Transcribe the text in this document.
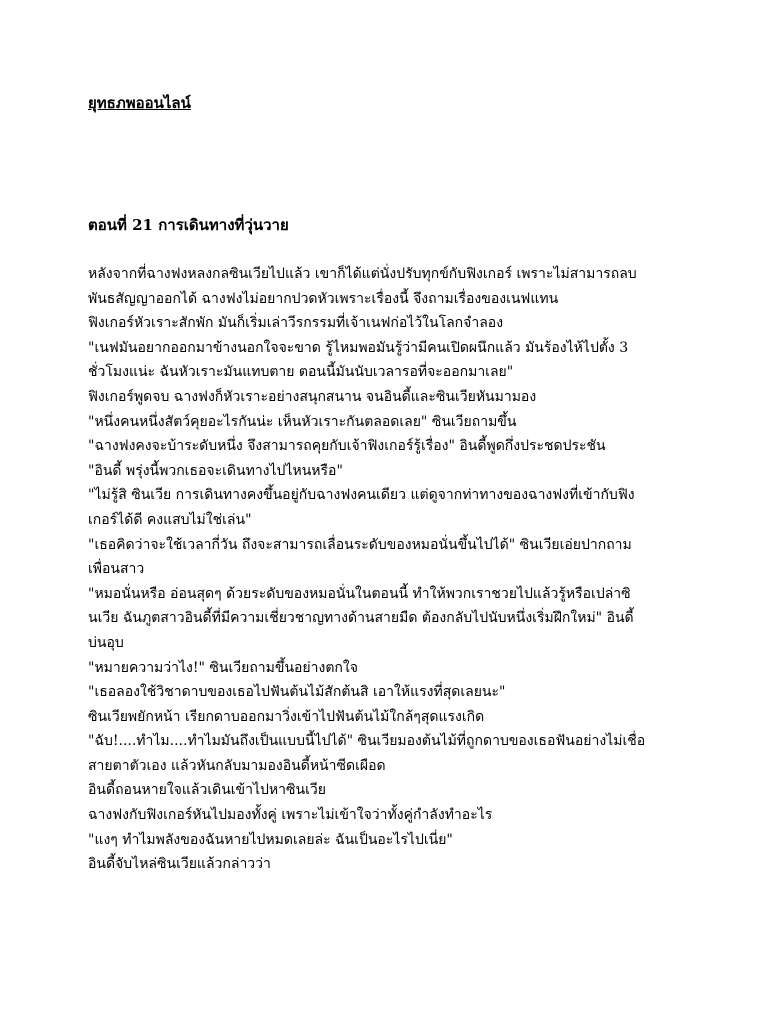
ยุทธภพออนไลน์
ตอนที่ 21 การเดินทางที่วุ่นวาย
หลังจากที่ฉางฟงหลงกลซินเวียไปแล้ว เขาก็ได้แต่นั่งปรับทุกข์กับฟิงเกอร์ เพราะไม่สามารถลบ
พันธสัญญาออกได้ ฉางฟงไม่อยากปวดหัวเพราะเรื่องนี้ จึงถามเรื่องของเนฟแทน
ฟิงเกอร์หัวเราะสักพัก มันก็เริ่มเล่าวีรกรรมที่เจ้าเนฟก่อไว้ในโลกจำลอง
"เนฟมันอยากออกมาข้างนอกใจจะขาด รู้ไหมพอมันรู้ว่ามีคนเปิดผนึกแล้ว มันร้องไห้ไปตั้ง 3
ชั่วโมงแน่ะ ฉันหัวเราะมันแทบตาย ตอนนี้มันนับเวลารอที่จะออกมาเลย"
ฟิงเกอร์พูดจบ ฉางฟงก็หัวเราะอย่างสนุกสนาน จนอินดี้และซินเวียหันมามอง
"หนึ่งคนหนึ่งสัตว์คุยอะไรกันน่ะ เห็นหัวเราะกันตลอดเลย" ซินเวียถามขึ้น
"ฉางฟงคงจะบ้าระดับหนึ่ง จึงสามารถคุยกับเจ้าฟิงเกอร์รู้เรื่อง" อินดี้พูดกึ่งประชดประชัน
"อินดี้ พรุ่งนี้พวกเธอจะเดินทางไปไหนหรือ"
"ไม่รู้สิ ซินเวีย การเดินทางคงขึ้นอยู่กับฉางฟงคนเดียว แต่ดูจากท่าทางของฉางฟงที่เข้ากับฟิง
เกอร์ได้ดี คงแสบไม่ใช่เล่น"
"เธอคิดว่าจะใช้เวลากี่วัน ถึงจะสามารถเลื่อนระดับของหมอนั่นขึ้นไปได้" ซินเวียเอ่ยปากถาม
เพื่อนสาว
"หมอนั่นหรือ อ่อนสุดๆ ด้วยระดับของหมอนั่นในตอนนี้ ทำให้พวกเราชวยไปแล้วรู้หรือเปล่าซิ
นเวีย ฉันภูตสาวอินดี้ที่มีความเชี่ยวชาญทางด้านสายมืด ต้องกลับไปนับหนึ่งเริ่มฝึกใหม่" อินดี้
บ่นอุบ
"หมายความว่าไง!" ซินเวียถามขึ้นอย่างตกใจ
"เธอลองใช้วิชาดาบของเธอไปฟันต้นไม้สักต้นสิ เอาให้แรงที่สุดเลยนะ"
ซินเวียพยักหน้า เรียกดาบออกมาวิ่งเข้าไปฟันต้นไม้ใกล้ๆสุดแรงเกิด
"ฉับ!....ทำไม....ทำไมมันถึงเป็นแบบนี้ไปได้" ซินเวียมองต้นไม้ที่ถูกดาบของเธอฟันอย่างไม่เชื่อ
สายตาตัวเอง แล้วหันกลับมามองอินดี้หน้าซีดเผือด
อินดี้ถอนหายใจแล้วเดินเข้าไปหาซินเวีย
ฉางฟงกับฟิงเกอร์หันไปมองทั้งคู่ เพราะไม่เข้าใจว่าทั้งคู่กำลังทำอะไร
"แงๆ ทำไมพลังของฉันหายไปหมดเลยล่ะ ฉันเป็นอะไรไปเนี่ย"
อินดี้จับไหล่ซินเวียแล้วกล่าวว่า
